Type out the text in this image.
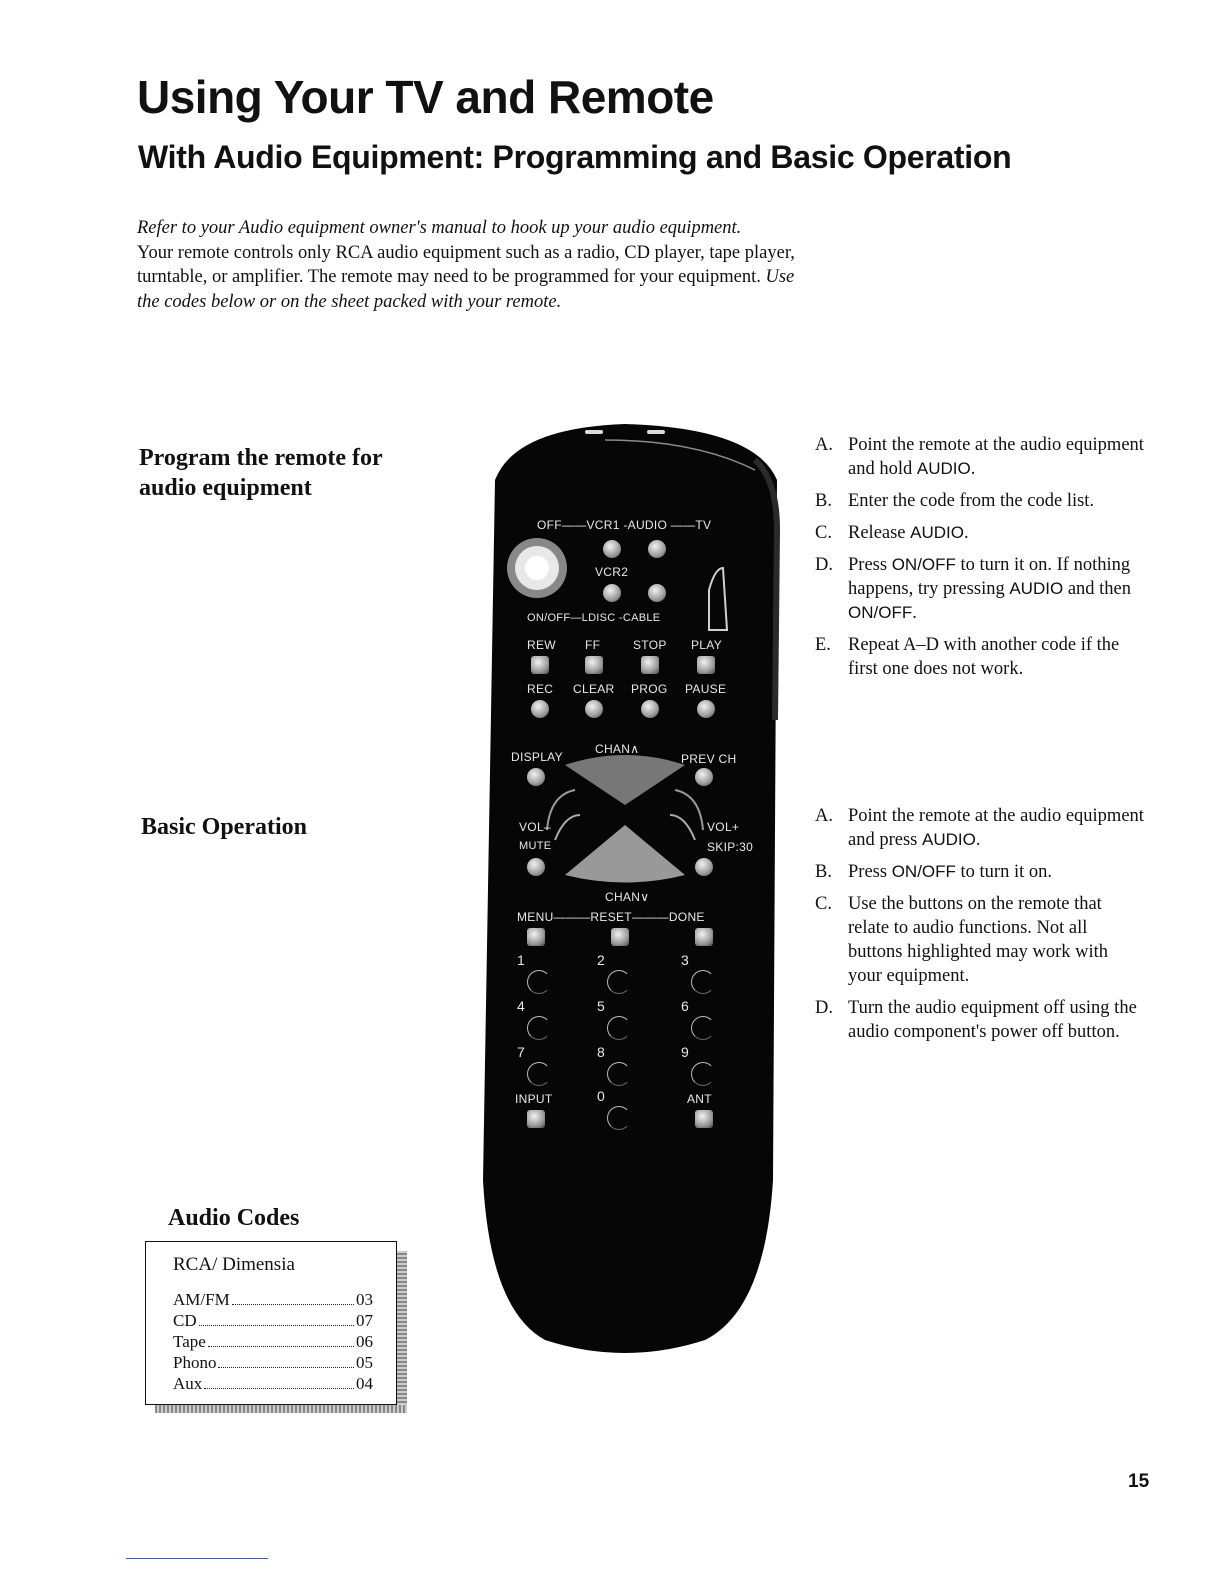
Using Your TV and Remote
With Audio Equipment: Programming and Basic Operation
Refer to your Audio equipment owner's manual to hook up your audio equipment.
Your remote controls only RCA audio equipment such as a radio, CD player, tape player, turntable, or amplifier. The remote may need to be programmed for your equipment. Use the codes below or on the sheet packed with your remote.
Program the remote for audio equipment
A. Point the remote at the audio equipment and hold AUDIO.
B. Enter the code from the code list.
C. Release AUDIO.
D. Press ON/OFF to turn it on. If nothing happens, try pressing AUDIO and then ON/OFF.
E. Repeat A–D with another code if the first one does not work.
Basic Operation	A. Point the remote at the audio equipment and press AUDIO.
B. Press ON/OFF to turn it on.
C. Use the buttons on the remote that relate to audio functions. Not all buttons highlighted may work with your equipment.
D. Turn the audio equipment off using the audio component's power off button.
OFF——VCR1 -AUDIO ——TV
VCR2
ON/OFF—LDISC -CABLE
REW FF	STOP PLAY
REC CLEAR PROG PAUSE
DISPLAY
CHAN∧
PREV CH
VOL–
MUTE
VOL+
SKIP:30
CHAN∨
MENU———RESET———DONE
1	2	3
4	5	6
7	8	9
INPUT	0	ANT
Audio Codes
RCA/ Dimensia
AM/FM	03
CD	07
Tape	06
Phono	05
Aux	04
15
